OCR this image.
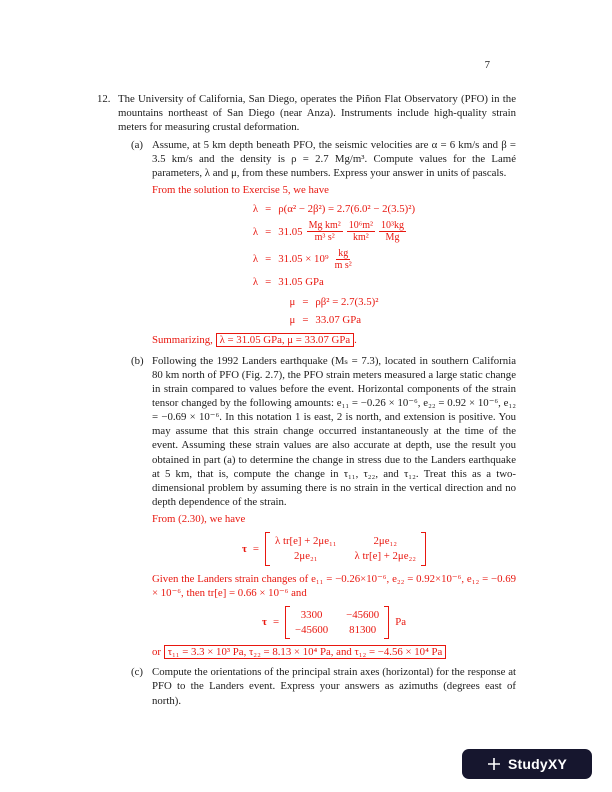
7
12. The University of California, San Diego, operates the Piñon Flat Observatory (PFO) in the mountains northeast of San Diego (near Anza). Instruments include high-quality strain meters for measuring crustal deformation.

(a) Assume, at 5 km depth beneath PFO, the seismic velocities are α = 6 km/s and β = 3.5 km/s and the density is ρ = 2.7 Mg/m³. Compute values for the Lamé parameters, λ and μ, from these numbers. Express your answer in units of pascals.

From the solution to Exercise 5, we have

λ = ρ(α² − 2β²) = 2.7(6.0² − 2(3.5)²)
$\lambda = 31.05 \frac{\text{Mg km²}}{\text{m³ s²}} \frac{\text{10⁶m²}}{\text{km²}} \frac{\text{10³kg}}{Mg}$
$\lambda = 31.05 \times 10^9 \frac{kg}{\text{m s²}}$
λ = 31.05 GPa
μ = ρβ² = 2.7(3.5)²
μ = 33.07 GPa

Summarizing, λ = 31.05 GPa, μ = 33.07 GPa .

(b) Following the 1992 Landers earthquake (Mₛ = 7.3), located in southern California 80 km north of PFO (Fig. 2.7), the PFO strain meters measured a large static change in strain compared to values before the event. Horizontal components of the strain tensor changed by the following amounts: e₁₁ = −0.26 × 10⁻⁶, e₂₂ = 0.92 × 10⁻⁶, e₁₂ = −0.69 × 10⁻⁶. In this notation 1 is east, 2 is north, and extension is positive. You may assume that this strain change occurred instantaneously at the time of the event. Assuming these strain values are also accurate at depth, use the result you obtained in part (a) to determine the change in stress due to the Landers earthquake at 5 km, that is, compute the change in τ₁₁, τ₂₂, and τ₁₂. Treat this as a two-dimensional problem by assuming there is no strain in the vertical direction and no depth dependence of the strain.

From (2.30), we have

τ =
λ tr[e] + 2μe₁₁	2μe₁₂
2μe₂₁	λ tr[e] + 2μe₂₂

Given the Landers strain changes of e₁₁ = −0.26×10⁻⁶, e₂₂ = 0.92×10⁻⁶, e₁₂ = −0.69 × 10⁻⁶, then tr[e] = 0.66 × 10⁻⁶ and

τ =
3300	−45600
−45600 81300
Pa

or τ₁₁ = 3.3 × 10³ Pa, τ₂₂ = 8.13 × 10⁴ Pa, and τ₁₂ = −4.56 × 10⁴ Pa

(c) Compute the orientations of the principal strain axes (horizontal) for the response at PFO to the Landers event. Express your answers as azimuths (degrees east of north).

StudyXY
